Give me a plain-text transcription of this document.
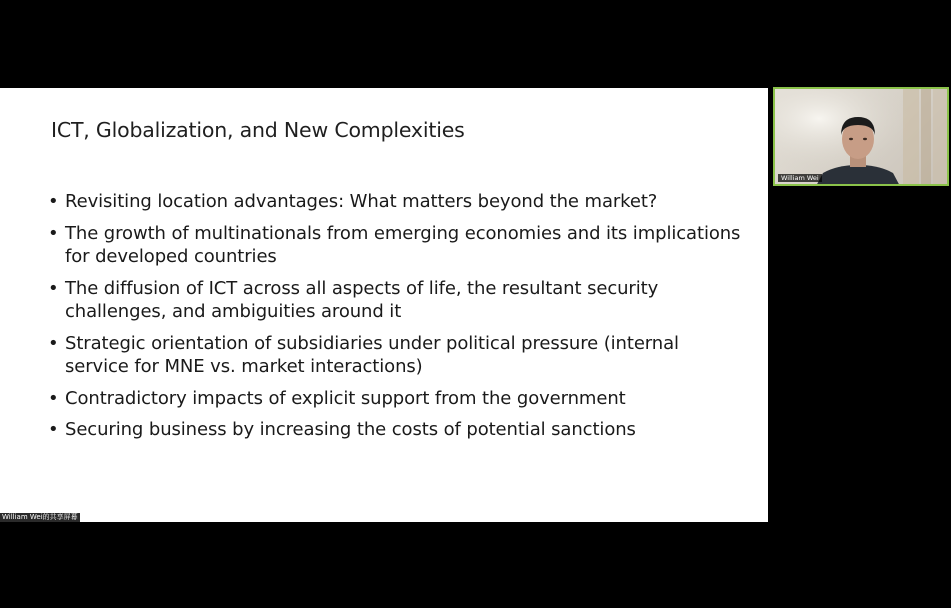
ICT, Globalization, and New Complexities
• Revisiting location advantages: What matters beyond the market?
• The growth of multinationals from emerging economies and its implications for developed countries
• The diffusion of ICT across all aspects of life, the resultant security challenges, and ambiguities around it
• Strategic orientation of subsidiaries under political pressure (internal service for MNE vs. market interactions)
• Contradictory impacts of explicit support from the government
• Securing business by increasing the costs of potential sanctions
William Wei的共享屏幕
William Wei
